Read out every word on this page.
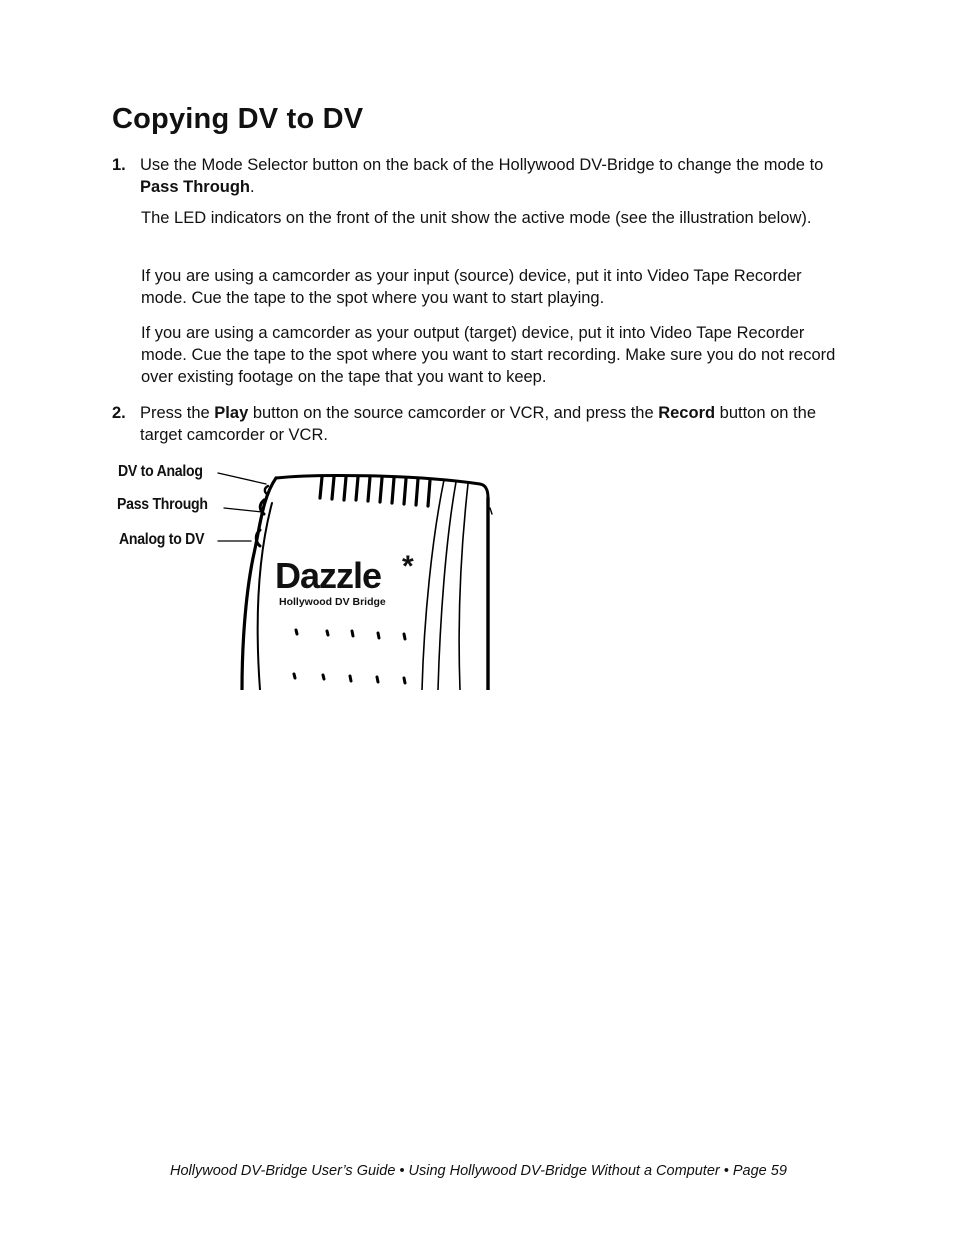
Copying DV to DV
1. Use the Mode Selector button on the back of the Hollywood DV-Bridge to change the mode to Pass Through.
The LED indicators on the front of the unit show the active mode (see the illustration below).
If you are using a camcorder as your input (source) device, put it into Video Tape Recorder mode. Cue the tape to the spot where you want to start playing.
If you are using a camcorder as your output (target) device, put it into Video Tape Recorder mode. Cue the tape to the spot where you want to start recording. Make sure you do not record over existing footage on the tape that you want to keep.
2. Press the Play button on the source camcorder or VCR, and press the Record button on the target camcorder or VCR.
DV to Analog
Pass Through
Analog to DV
Dazzle *
Hollywood DV Bridge
Hollywood DV-Bridge User’s Guide • Using Hollywood DV-Bridge Without a Computer • Page 59
